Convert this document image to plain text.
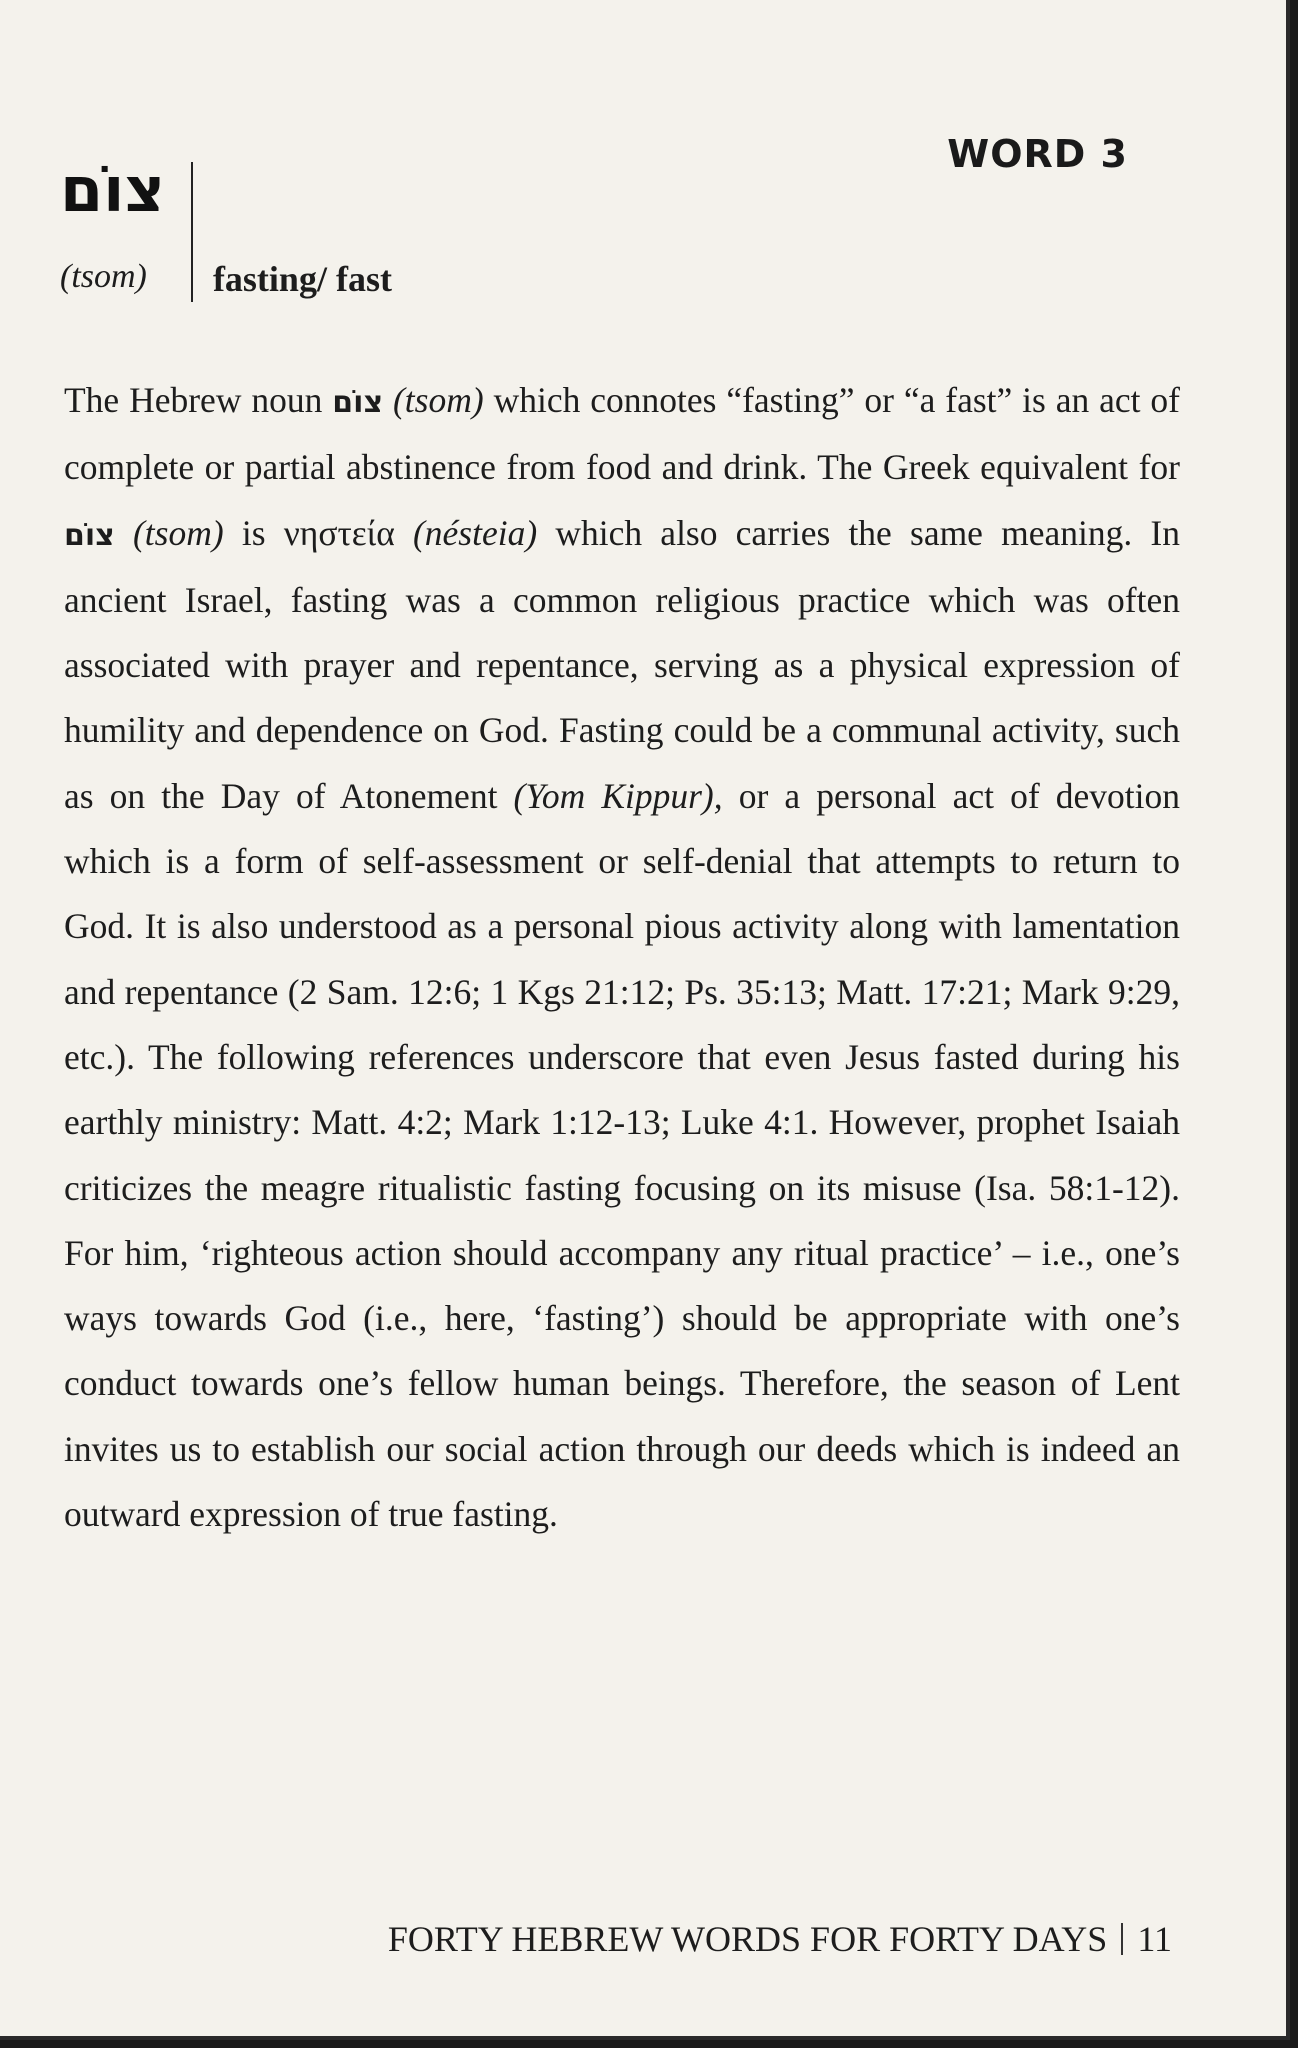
WORD 3
צוֹם
(tsom)	fasting/ fast
The Hebrew noun צוֹם (tsom) which connotes “fasting” or “a fast” is an act of complete or partial abstinence from food and drink. The Greek equivalent for צוֹם (tsom) is νηστεία (nésteia) which also carries the same meaning. In ancient Israel, fasting was a common religious practice which was often associated with prayer and repentance, serving as a physical expression of humility and dependence on God. Fasting could be a communal activity, such as on the Day of Atonement (Yom Kippur), or a personal act of devotion which is a form of self-assessment or self-denial that attempts to return to God. It is also understood as a personal pious activity along with lamentation and repentance (2 Sam. 12:6; 1 Kgs 21:12; Ps. 35:13; Matt. 17:21; Mark 9:29, etc.). The following references underscore that even Jesus fasted during his earthly ministry: Matt. 4:2; Mark 1:12-13; Luke 4:1. However, prophet Isaiah criticizes the meagre ritualistic fasting focusing on its misuse (Isa. 58:1-12). For him, ‘righteous action should accompany any ritual practice’ – i.e., one’s ways towards God (i.e., here, ‘fasting’) should be appropriate with one’s conduct towards one’s fellow human beings. Therefore, the season of Lent invites us to establish our social action through our deeds which is indeed an outward expression of true fasting.
FORTY HEBREW WORDS FOR FORTY DAYS 11
